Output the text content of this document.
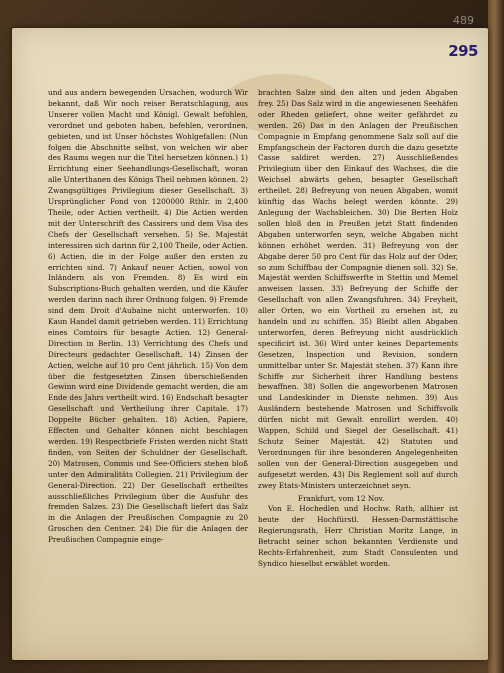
489
295

und aus andern bewegenden Ursachen, wodurch Wir bekannt, daß Wir noch reiser Beratschlagung, aus Unserer vollen Macht und Königl. Gewalt befohlen, verordnet und geboten haben, befehlen, verordnen, gebieten, und ist Unser höchstes Wohlgefallen: (Nun folgen die Abschnitte selbst, von welchen wir aber des Raums wegen nur die Titel hersetzen können.) 1) Errichtung einer Seehandlungs-Gesellschaft, woran alle Unterthanen des Königs Theil nehmen können. 2) Zwangsgültiges Privilegium dieser Gesellschaft. 3) Ursprünglicher Fond von 1200000 Rthlr. in 2,400 Theile, oder Actien vertheilt. 4) Die Actien werden mit der Unterschrift des Cassirers und dem Visa des Chefs der Gesellschaft versehen. 5) Se. Majestät interessiren sich darinn für 2,100 Theile, oder Actien. 6) Actien, die in der Folge außer den ersten zu errichten sind. 7) Ankauf neuer Actien, sowol von Inländern als von Fremden. 8) Es wird ein Subscriptions-Buch gehalten werden, und die Käufer werden darinn nach ihrer Ordnung folgen. 9) Fremde sind dem Droit d'Aubaine nicht unterworfen. 10) Kaun Handel damit getrieben werden. 11) Errichtung eines Comtoirs für besagte Actien. 12) General-Direction in Berlin. 13) Verrichtung des Chefs und Directeurs gedachter Gesellschaft. 14) Zinsen der Actien, welche auf 10 pro Cent jährlich. 15) Von dem über die festgesetzten Zinsen überschießenden Gewinn wird eine Dividende gemacht werden, die am Ende des Jahrs vertheilt wird. 16) Endschaft besagter Gesellschaft und Vertheilung ihrer Capitale. 17) Doppelte Bücher gehalten. 18) Actien, Papiere, Effecten und Gehalter können nicht beschlagen werden. 19) Respectbriefe Fristen werden nicht Statt finden, von Seiten der Schuldner der Gesellschaft. 20) Matrosen, Commis und See-Officiers stehen bloß unter den Admiralitäts Collegien. 21) Privilegium der General-Direction. 22) Der Gesellschaft ertheiltes ausschließliches Privilegium über die Ausfuhr des fremden Salzes. 23) Die Gesellschaft liefert das Salz in die Anlagen der Preußischen Compagnie zu 20 Groschen den Centner. 24) Die für die Anlagen der Preußischen Compagnie einge-

brachten Salze sind den alten und jeden Abgaben frey. 25) Das Salz wird in die angewiesenen Seehäfen oder Rheden geliefert, ohne weiter gefährdet zu werden. 26) Das in den Anlagen der Preußischen Compagnie in Empfang genommene Salz soll auf die Empfangschein der Factoren durch die dazu gesetzte Casse saldiret werden. 27) Ausschließendes Privilegium über den Einkauf des Wachses, die die Weichsel abwärts gehen, besagter Gesellschaft ertheilet. 28) Befreyung von neuen Abgaben, womit künftig das Wachs belegt werden könnte. 29) Anlegung der Wachsbleichen. 30) Die Berten Holz sollen bloß den in Preußen jetzt Statt findenden Abgaben unterworfen seyn, welche Abgaben nicht können erhöhet werden. 31) Befreyung von der Abgabe derer 50 pro Cent für das Holz auf der Oder, so zum Schiffbau der Compagnie dienen soll. 32) Se. Majestät werden Schiffswerfte in Stettin und Memel anweisen lassen. 33) Befreyung der Schiffe der Gesellschaft von allen Zwangsfuhren. 34) Freyheit, aller Orten, wo ein Vortheil zu ersehen ist, zu handeln und zu schiffen. 35) Bleibt allen Abgaben unterworfen, deren Befreyung nicht ausdrücklich specificirt ist. 36) Wird unter keines Departements Gesetzen, Inspection und Revision, sondern unmittelbar unter Sr. Majestät stehen. 37) Kann ihre Schiffe zur Sicherheit ihrer Handlung bestens bewaffnen. 38) Sollen die angeworbenen Matrosen und Landeskinder in Dienste nehmen. 39) Aus Ausländern bestehende Matrosen und Schiffsvolk dürfen nicht mit Gewalt enrollirt werden. 40) Wappen, Schild und Siegel der Gesellschaft. 41) Schutz Seiner Majestät. 42) Statuten und Verordnungen für ihre besonderen Angelegenheiten sollen von der General-Direction ausgegeben und aufgesetzt werden. 43) Dis Reglement soll auf durch zwey Etats-Ministers unterzeichnet seyn.

Frankfurt, vom 12 Nov.

Von E. Hochedlen und Hochw. Rath, allhier ist heute der Hochfürstl. Hessen-Darmstättische Regierungsrath, Herr Christian Moritz Lange, in Betracht seiner schon bekannten Verdienste und Rechts-Erfahrenheit, zum Stadt Consulenten und Syndico hieselbst erwählet worden.
